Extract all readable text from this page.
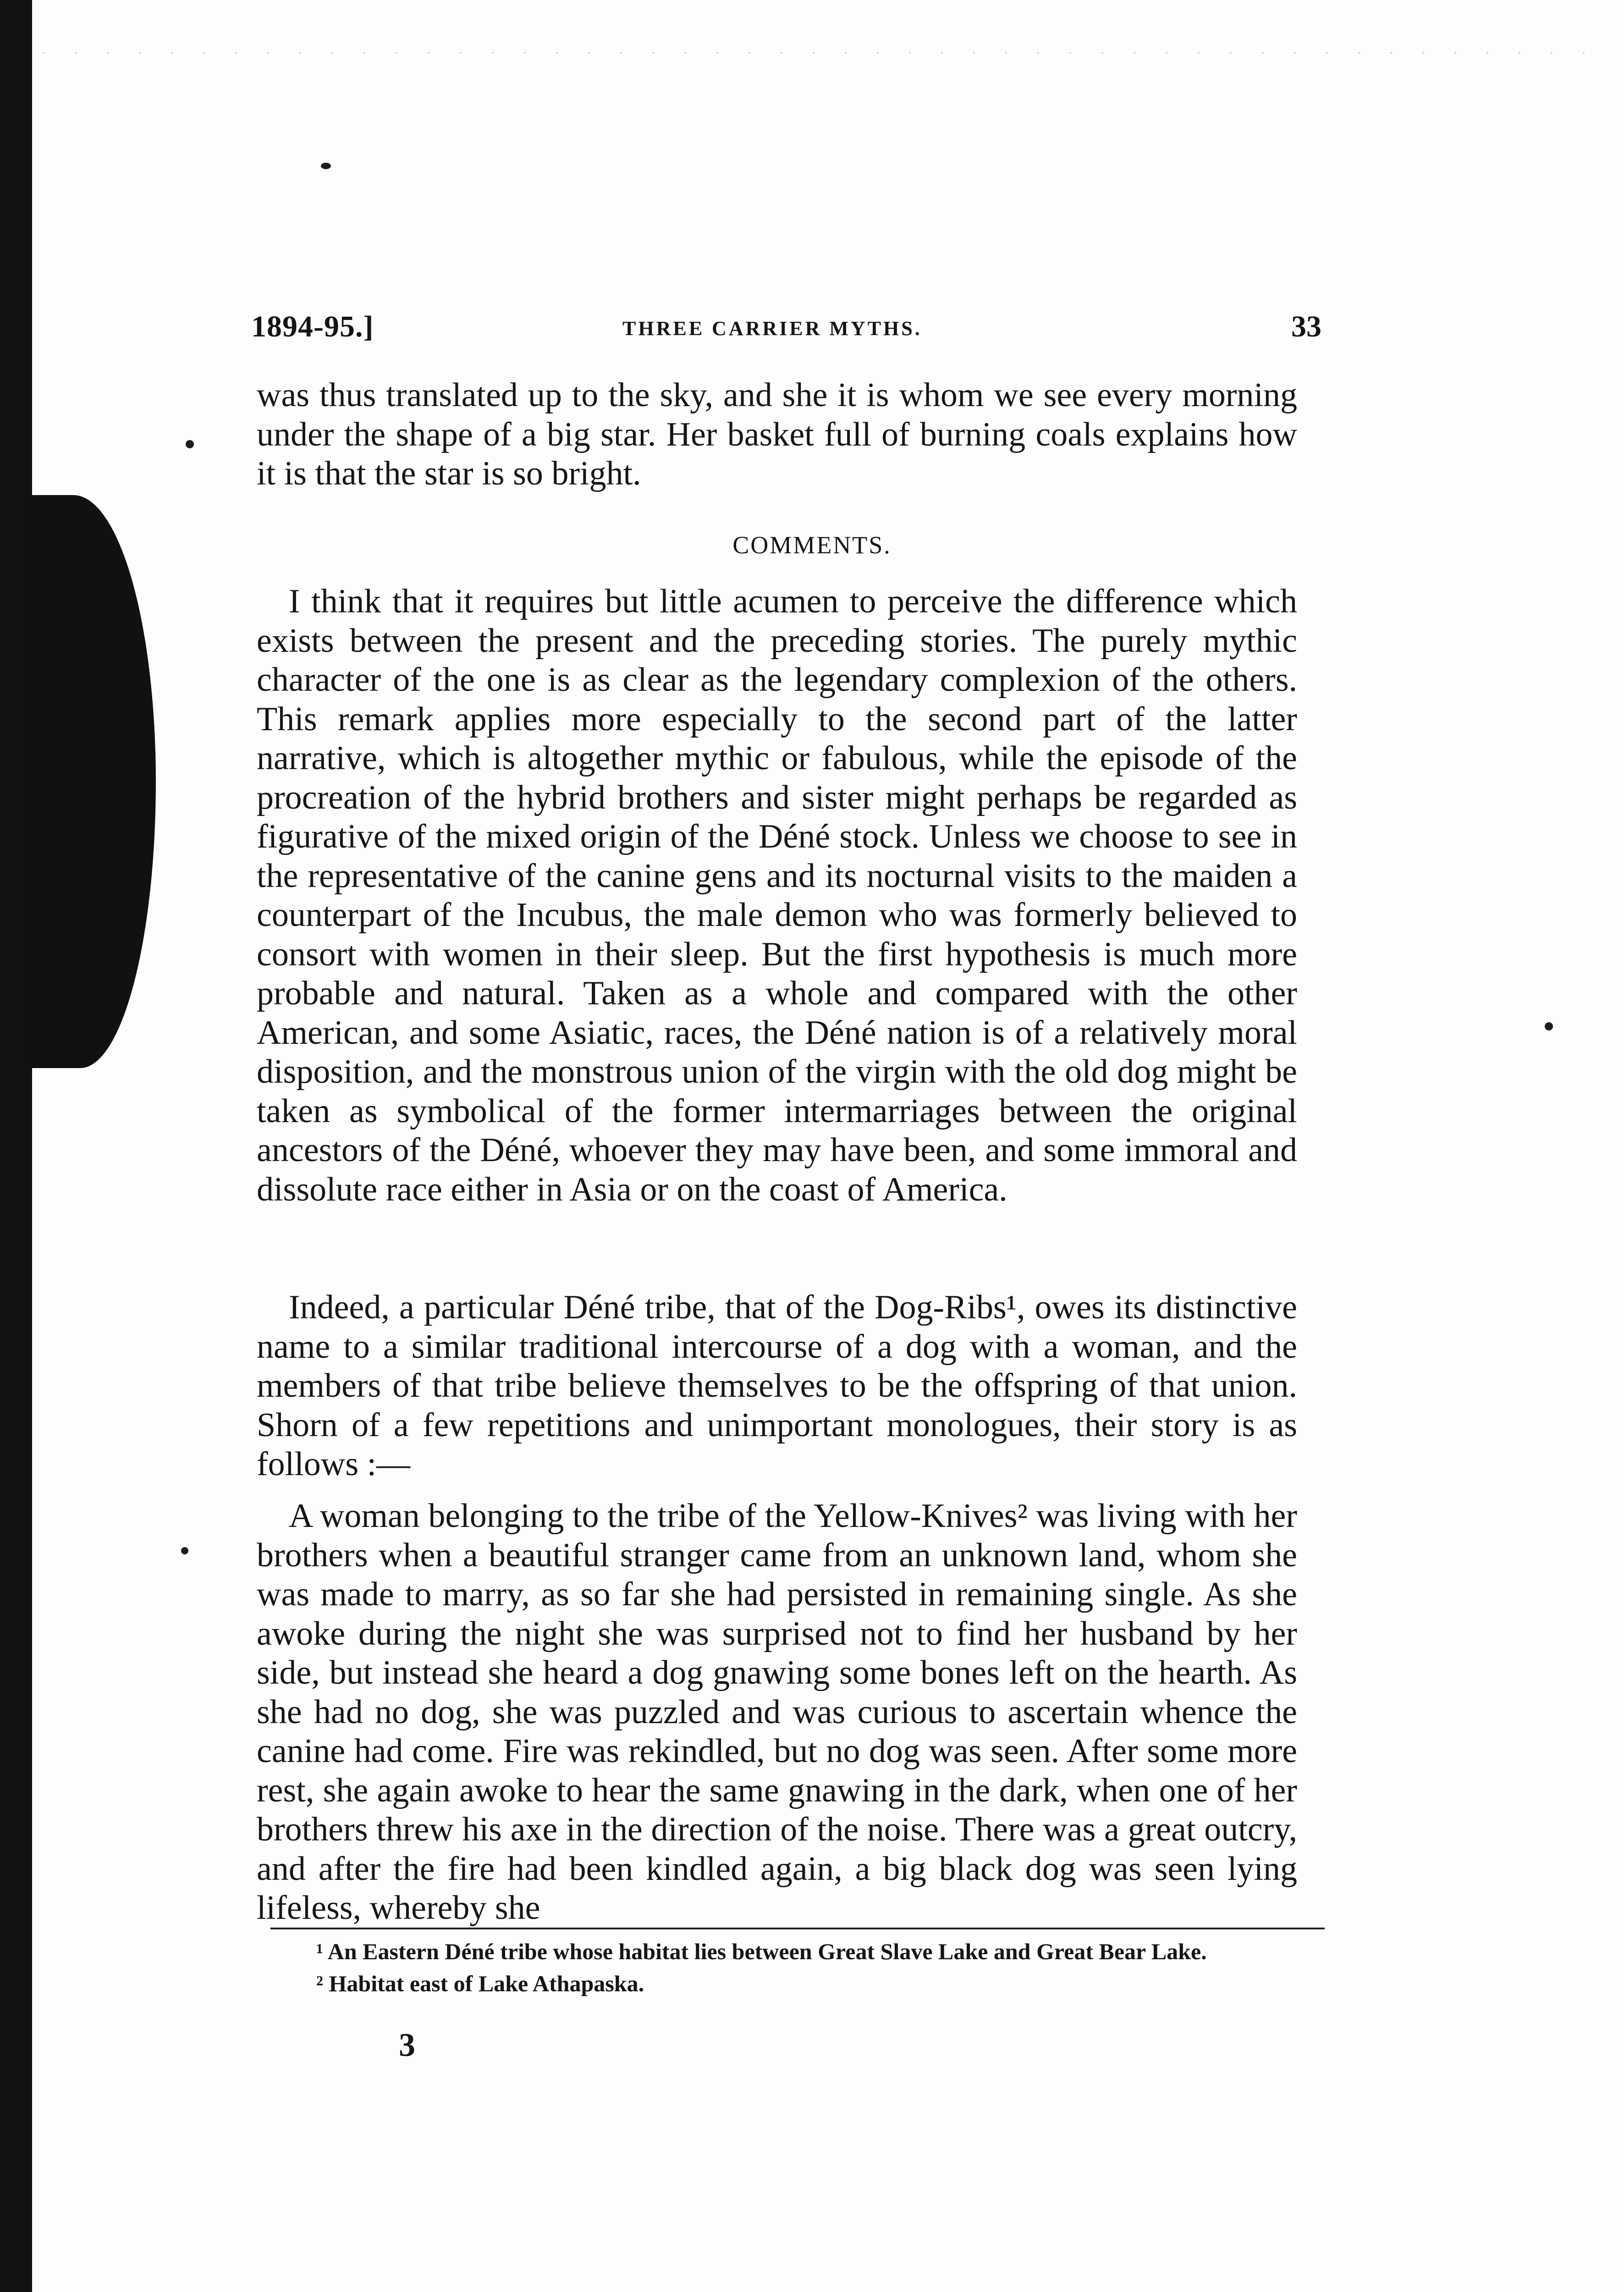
1894-95.]	THREE CARRIER MYTHS.	33

was thus translated up to the sky, and she it is whom we see every morning under the shape of a big star. Her basket full of burning coals explains how it is that the star is so bright.

COMMENTS.

I think that it requires but little acumen to perceive the difference which exists between the present and the preceding stories. The purely mythic character of the one is as clear as the legendary complexion of the others. This remark applies more especially to the second part of the latter narrative, which is altogether mythic or fabulous, while the episode of the procreation of the hybrid brothers and sister might perhaps be regarded as figurative of the mixed origin of the Déné stock. Unless we choose to see in the representative of the canine gens and its nocturnal visits to the maiden a counterpart of the Incubus, the male demon who was formerly believed to consort with women in their sleep. But the first hypothesis is much more probable and natural. Taken as a whole and compared with the other American, and some Asiatic, races, the Déné nation is of a relatively moral disposition, and the monstrous union of the virgin with the old dog might be taken as symbolical of the former intermarriages between the original ancestors of the Déné, whoever they may have been, and some immoral and dissolute race either in Asia or on the coast of America.

Indeed, a particular Déné tribe, that of the Dog-Ribs¹, owes its distinctive name to a similar traditional intercourse of a dog with a woman, and the members of that tribe believe themselves to be the offspring of that union. Shorn of a few repetitions and unimportant monologues, their story is as follows :—

A woman belonging to the tribe of the Yellow-Knives² was living with her brothers when a beautiful stranger came from an unknown land, whom she was made to marry, as so far she had persisted in remaining single. As she awoke during the night she was surprised not to find her husband by her side, but instead she heard a dog gnawing some bones left on the hearth. As she had no dog, she was puzzled and was curious to ascertain whence the canine had come. Fire was rekindled, but no dog was seen. After some more rest, she again awoke to hear the same gnawing in the dark, when one of her brothers threw his axe in the direction of the noise. There was a great outcry, and after the fire had been kindled again, a big black dog was seen lying lifeless, whereby she

¹ An Eastern Déné tribe whose habitat lies between Great Slave Lake and Great Bear Lake.

² Habitat east of Lake Athapaska.

3
